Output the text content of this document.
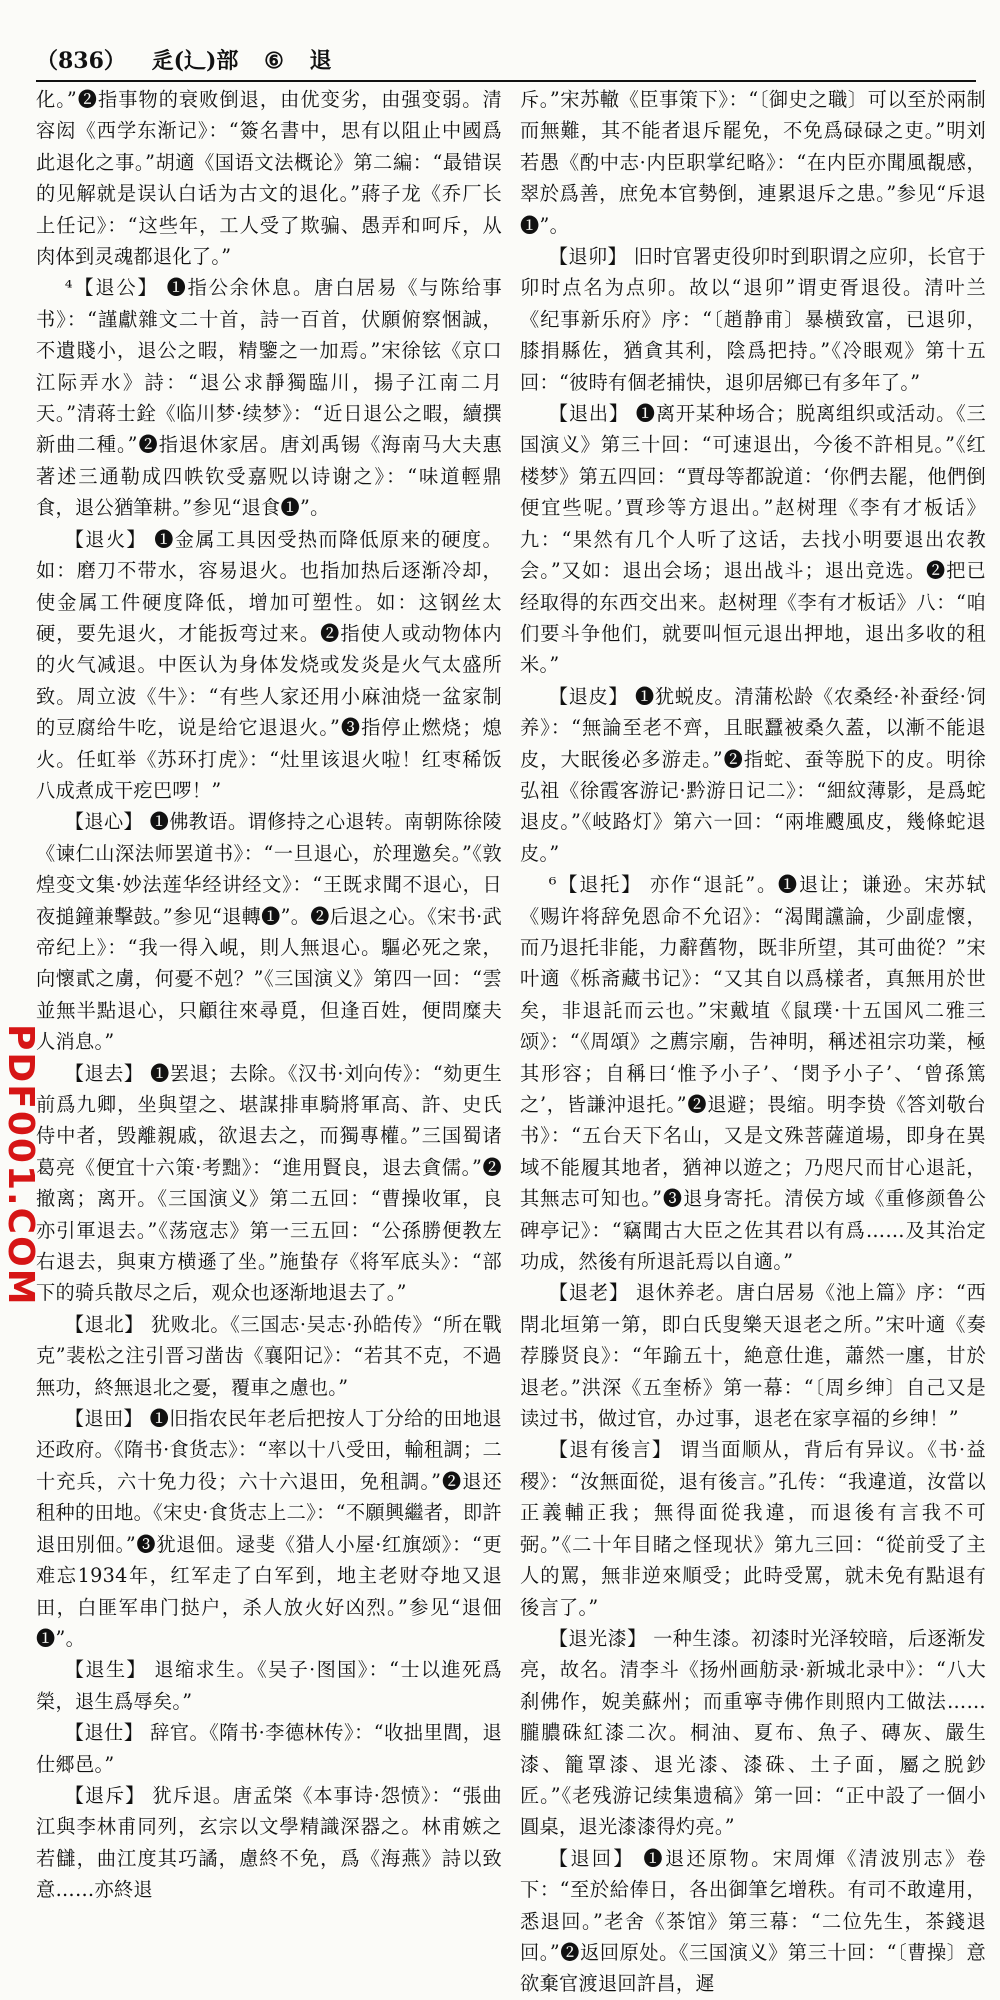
（836） 辵(辶)部 ⑥ 退

化。”❷指事物的衰败倒退，由优变劣，由强变弱。清容闳《西学东渐记》：“簽名書中，思有以阻止中國爲此退化之事。”胡適《国语文法概论》第二編：“最错误的见解就是误认白话为古文的退化。”蔣子龙《乔厂长上任记》：“这些年，工人受了欺骗、愚弄和呵斥，从肉体到灵魂都退化了。”

⁴【退公】 ❶指公余休息。唐白居易《与陈给事书》：“謹獻雜文二十首，詩一百首，伏願俯察悃誠，不遺賤小，退公之暇，精鑒之一加焉。”宋徐铉《京口江际弄水》詩：“退公求靜獨臨川，揚子江南二月天。”清蒋士銓《临川梦·续梦》：“近日退公之暇，續撰新曲二種。”❷指退休家居。唐刘禹锡《海南马大夫惠著述三通勒成四帙钦受嘉贶以诗谢之》：“味道輕鼎食，退公猶筆耕。”参见“退食❶”。

【退火】 ❶金属工具因受热而降低原来的硬度。如：磨刀不带水，容易退火。也指加热后逐渐冷却，使金属工件硬度降低，增加可塑性。如：这钢丝太硬，要先退火，才能扳弯过来。❷指使人或动物体内的火气减退。中医认为身体发烧或发炎是火气太盛所致。周立波《牛》：“有些人家还用小麻油烧一盆家制的豆腐给牛吃，说是给它退退火。”❸指停止燃烧；熄火。任虹举《苏环打虎》：“灶里该退火啦！红枣稀饭八成煮成干疙巴啰！”

【退心】 ❶佛教语。谓修持之心退转。南朝陈徐陵《谏仁山深法师罢道书》：“一旦退心，於理邀矣。”《敦煌变文集·妙法莲华经讲经文》：“王既求聞不退心，日夜搥鐘兼擊鼓。”参见“退轉❶”。❷后退之心。《宋书·武帝纪上》：“我一得入峴，則人無退心。驅必死之衆，向懷貳之虜，何憂不剋？”《三国演义》第四一回：“雲並無半點退心，只顧往來尋覓，但逢百姓，便問糜夫人消息。”

【退去】 ❶罢退；去除。《汉书·刘向传》：“劾更生前爲九卿，坐與望之、堪謀排車騎將軍高、許、史氏侍中者，毁離親戚，欲退去之，而獨專權。”三国蜀诸葛亮《便宜十六策·考黜》：“進用賢良，退去貪儒。”❷撤离；离开。《三国演义》第二五回：“曹操收軍，良亦引軍退去。”《荡寇志》第一三五回：“公孫勝便教左右退去，與東方横遜了坐。”施蛰存《将军底头》：“部下的骑兵散尽之后，观众也逐渐地退去了。”

【退北】 犹败北。《三国志·吴志·孙皓传》“所在戰克”裴松之注引晋习凿齿《襄阳记》：“若其不克，不過無功，終無退北之憂，覆車之慮也。”

【退田】 ❶旧指农民年老后把按人丁分给的田地退还政府。《隋书·食货志》：“率以十八受田，輸租調；二十充兵，六十免力役；六十六退田，免租調。”❷退还租种的田地。《宋史·食货志上二》：“不願興繼者，即許退田別佃。”❸犹退佃。逯斐《猎人小屋·红旗颂》：“更难忘1934年，红军走了白军到，地主老财夺地又退田，白匪军串门挞户，杀人放火好凶烈。”参见“退佃❶”。

【退生】 退缩求生。《吴子·图国》：“士以進死爲榮，退生爲辱矣。”

【退仕】 辞官。《隋书·李德林传》：“收拙里閭，退仕郷邑。”

【退斥】 犹斥退。唐孟棨《本事诗·怨愤》：“張曲江與李林甫同列，玄宗以文學精識深器之。林甫嫉之若讎，曲江度其巧譎，慮終不免，爲《海燕》詩以致意……亦終退

斥。”宋苏轍《臣事策下》：“〔御史之職〕可以至於兩制而無難，其不能者退斥罷免，不免爲碌碌之吏。”明刘若愚《酌中志·内臣职掌纪略》：“在内臣亦聞風覩感，翠於爲善，庶免本官勢倒，連累退斥之患。”参见“斥退❶”。

【退卯】 旧时官署吏役卯时到职谓之应卯，长官于卯时点名为点卯。故以“退卯”谓吏胥退役。清叶兰《纪事新乐府》序：“〔趙静甫〕暴横致富，已退卯，膝捐縣佐，猶貪其利，陰爲把持。”《冷眼观》第十五回：“彼時有個老捕快，退卯居鄉已有多年了。”

【退出】 ❶离开某种场合；脱离组织或活动。《三国演义》第三十回：“可速退出，今後不許相見。”《红楼梦》第五四回：“賈母等都說道：‘你們去罷，他們倒便宜些呢。’賈珍等方退出。”赵树理《李有才板话》九：“果然有几个人听了这话，去找小明要退出农教会。”又如：退出会场；退出战斗；退出竞选。❷把已经取得的东西交出来。赵树理《李有才板话》八：“咱们要斗争他们，就要叫恒元退出押地，退出多收的租米。”

【退皮】 ❶犹蜕皮。清蒲松龄《农桑经·补蚕经·饲养》：“無論至老不齊，且眠蠶被桑久蓋，以漸不能退皮，大眠後必多游走。”❷指蛇、蚕等脱下的皮。明徐弘祖《徐霞客游记·黔游日记二》：“細紋薄影，是爲蛇退皮。”《岐路灯》第六一回：“兩堆颼風皮，幾條蛇退皮。”

⁶【退托】 亦作“退託”。❶退让；谦逊。宋苏轼《赐许将辞免恩命不允诏》：“渴聞讜論，少副虚懷，而乃退托非能，力辭舊物，既非所望，其可曲從？”宋叶適《栎斋藏书记》：“又其自以爲樣者，真無用於世矣，非退託而云也。”宋戴埴《鼠璞·十五国风二雅三颂》：“《周頌》之薦宗廟，告神明，稱述祖宗功業，極其形容；自稱曰‘惟予小子’、‘閔予小子’、‘曾孫篤之’，皆謙沖退托。”❷退避；畏缩。明李贽《答刘敬台书》：“五台天下名山，又是文殊菩薩道場，即身在異域不能履其地者，猶神以遊之；乃咫尺而甘心退託，其無志可知也。”❸退身寄托。清侯方域《重修颜鲁公碑亭记》：“竊聞古大臣之佐其君以有爲……及其治定功成，然後有所退託焉以自適。”

【退老】 退休养老。唐白居易《池上篇》序：“西閈北垣第一第，即白氏叟樂天退老之所。”宋叶適《奏荐滕贤良》：“年踰五十，絶意仕進，蕭然一廛，甘於退老。”洪深《五奎桥》第一幕：“〔周乡绅〕自己又是读过书，做过官，办过事，退老在家享福的乡绅！”

【退有後言】 谓当面顺从，背后有异议。《书·益稷》：“汝無面從，退有後言。”孔传：“我違道，汝當以正義輔正我；無得面從我違，而退後有言我不可弼。”《二十年目睹之怪现状》第九三回：“從前受了主人的罵，無非逆來順受；此時受罵，就未免有點退有後言了。”

【退光漆】 一种生漆。初漆时光泽较暗，后逐渐发亮，故名。清李斗《扬州画舫录·新城北录中》：“八大刹佛作，婗美蘇州；而重寧寺佛作則照内工做法……朧膿硃紅漆二次。桐油、夏布、魚子、磚灰、嚴生漆、籠罩漆、退光漆、漆硃、土子面，屬之脱鈔匠。”《老残游记续集遗稿》第一回：“正中設了一個小圓桌，退光漆漆得灼亮。”

【退回】 ❶退还原物。宋周煇《清波別志》卷下：“至於給俸日，各出御筆乞增秩。有司不敢違用，悉退回。”老舍《茶馆》第三幕：“二位先生，茶錢退回。”❷返回原处。《三国演义》第三十回：“〔曹操〕意欲棄官渡退回許昌，遲

PDF001.COM
